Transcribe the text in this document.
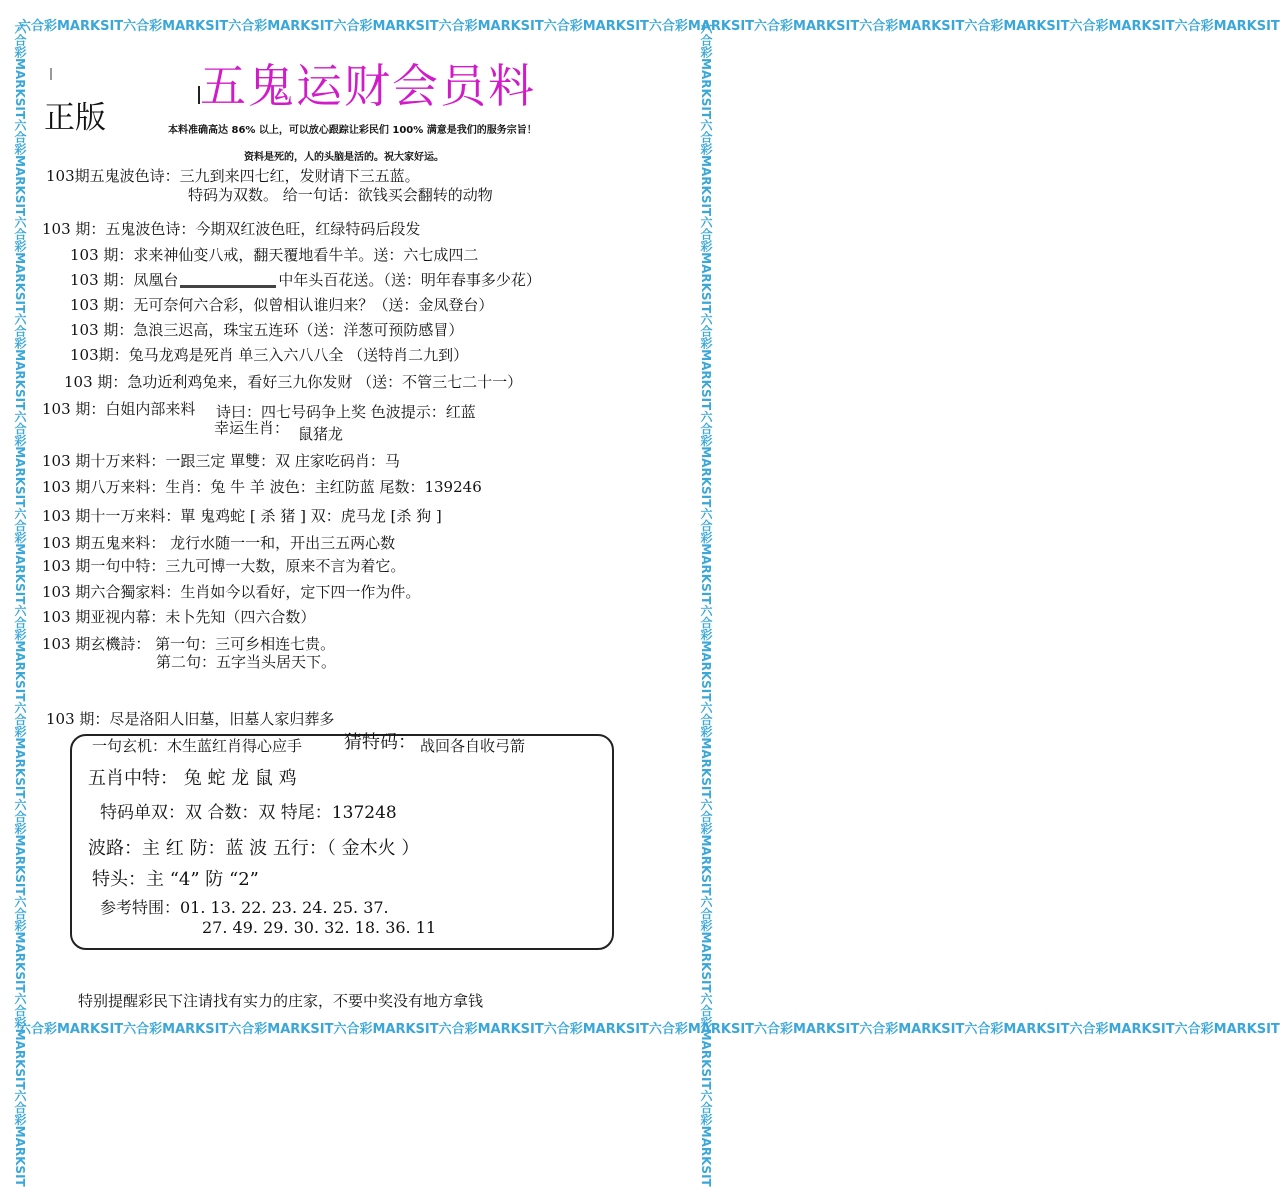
六合彩MARKSIT六合彩MARKSIT六合彩MARKSIT六合彩MARKSIT六合彩MARKSIT六合彩MARKSIT六合彩MARKSIT六合彩MARKSIT六合彩MARKSIT六合彩MARKSIT六合彩MARKSIT六合彩MARKSIT
六合彩MARKSIT六合彩MARKSIT六合彩MARKSIT六合彩MARKSIT六合彩MARKSIT六合彩MARKSIT六合彩MARKSIT六合彩MARKSIT六合彩MARKSIT六合彩MARKSIT六合彩MARKSIT六合彩MARKSIT
六合彩MARKSIT六合彩MARKSIT六合彩MARKSIT六合彩MARKSIT六合彩MARKSIT六合彩MARKSIT六合彩MARKSIT六合彩MARKSIT六合彩MARKSIT六合彩MARKSIT六合彩MARKSIT六合彩MARKSIT	六合彩MARKSIT六合彩MARKSIT六合彩MARKSIT六合彩MARKSIT六合彩MARKSIT六合彩MARKSIT六合彩MARKSIT六合彩MARKSIT六合彩MARKSIT六合彩MARKSIT六合彩MARKSIT六合彩MARKSIT
五鬼运财会员料
正版	本料准确高达 86% 以上，可以放心跟踪让彩民们 100% 满意是我们的服务宗旨！
资料是死的，人的头脑是活的。祝大家好运。
103期五鬼波色诗：三九到来四七红，发财请下三五蓝。
特码为双数。 给一句话：欲钱买会翻转的动物
103 期：五鬼波色诗：今期双红波色旺，红绿特码后段发
103 期：求来神仙变八戒，翻天覆地看牛羊。送：六七成四二
103 期：凤凰台	中年头百花送。（送：明年春事多少花）
103 期：无可奈何六合彩，似曾相认谁归来？（送：金凤登台）
103 期：急浪三迟高，珠宝五连环（送：洋葱可预防感冒）
103期：兔马龙鸡是死肖 单三入六八八全 （送特肖二九到）
103 期：急功近利鸡兔来，看好三九你发财 （送：不管三七二十一）
103 期：白姐内部来料 诗曰：四七号码争上奖 色波提示：红蓝
幸运生肖： 鼠猪龙
103 期十万来料：一跟三定 單雙：双 庄家吃码肖：马
103 期八万来料：生肖：兔 牛 羊 波色：主红防蓝 尾数：139246
103 期十一万来料：單 鬼鸡蛇 [ 杀 猪 ] 双：虎马龙 [杀 狗 ]
103 期五鬼来料： 龙行水随一一和，开出三五两心数
103 期一句中特：三九可博一大数，原来不言为着它。
103 期六合獨家料：生肖如今以看好，定下四一作为件。
103 期亚视内幕：未卜先知（四六合数）
103 期玄機詩： 第一句：三可乡相连七贵。
第二句：五字当头居天下。
103 期：尽是洛阳人旧墓，旧墓人家归葬多
一句玄机：木生蓝红肖得心应手 猜特码： 战回各自收弓箭
五肖中特： 兔 蛇 龙 鼠 鸡
特码单双：双 合数：双 特尾：137248
波路：主 红 防：蓝 波 五行：（ 金木火 ）
特头：主 “4” 防 “2”
参考特围：01. 13. 22. 23. 24. 25. 37.
27. 49. 29. 30. 32. 18. 36. 11
特别提醒彩民下注请找有实力的庄家，不要中奖没有地方拿钱
